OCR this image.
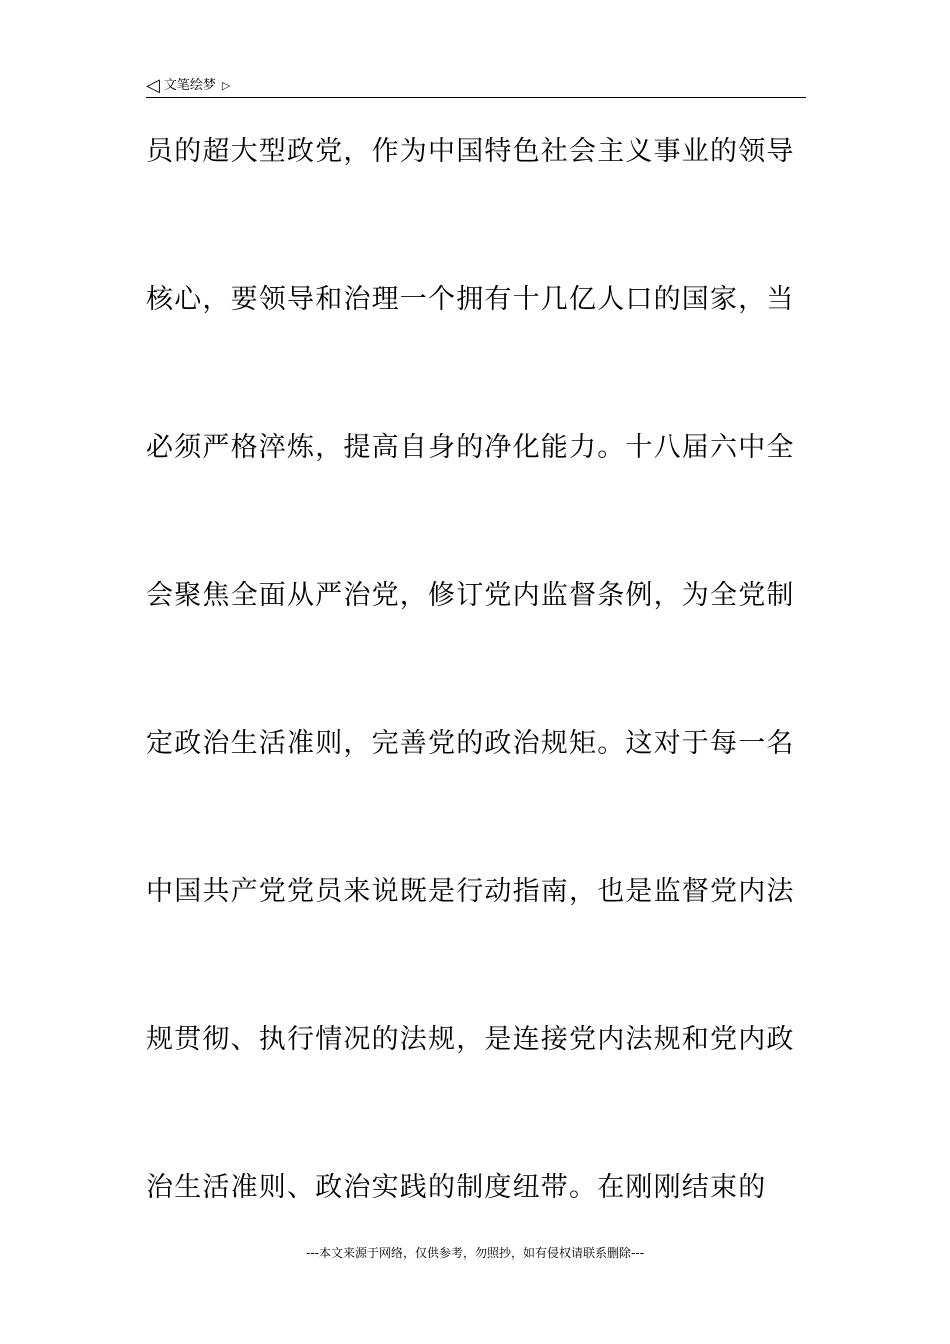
◁ 文笔绘梦 ▷
员的超大型政党，作为中国特色社会主义事业的领导
核心，要领导和治理一个拥有十几亿人口的国家，当
必须严格淬炼，提高自身的净化能力。十八届六中全
会聚焦全面从严治党，修订党内监督条例，为全党制
定政治生活准则，完善党的政治规矩。这对于每一名
中国共产党党员来说既是行动指南，也是监督党内法
规贯彻、执行情况的法规，是连接党内法规和党内政
治生活准则、政治实践的制度纽带。在刚刚结束的
---本文来源于网络，仅供参考，勿照抄，如有侵权请联系删除---
